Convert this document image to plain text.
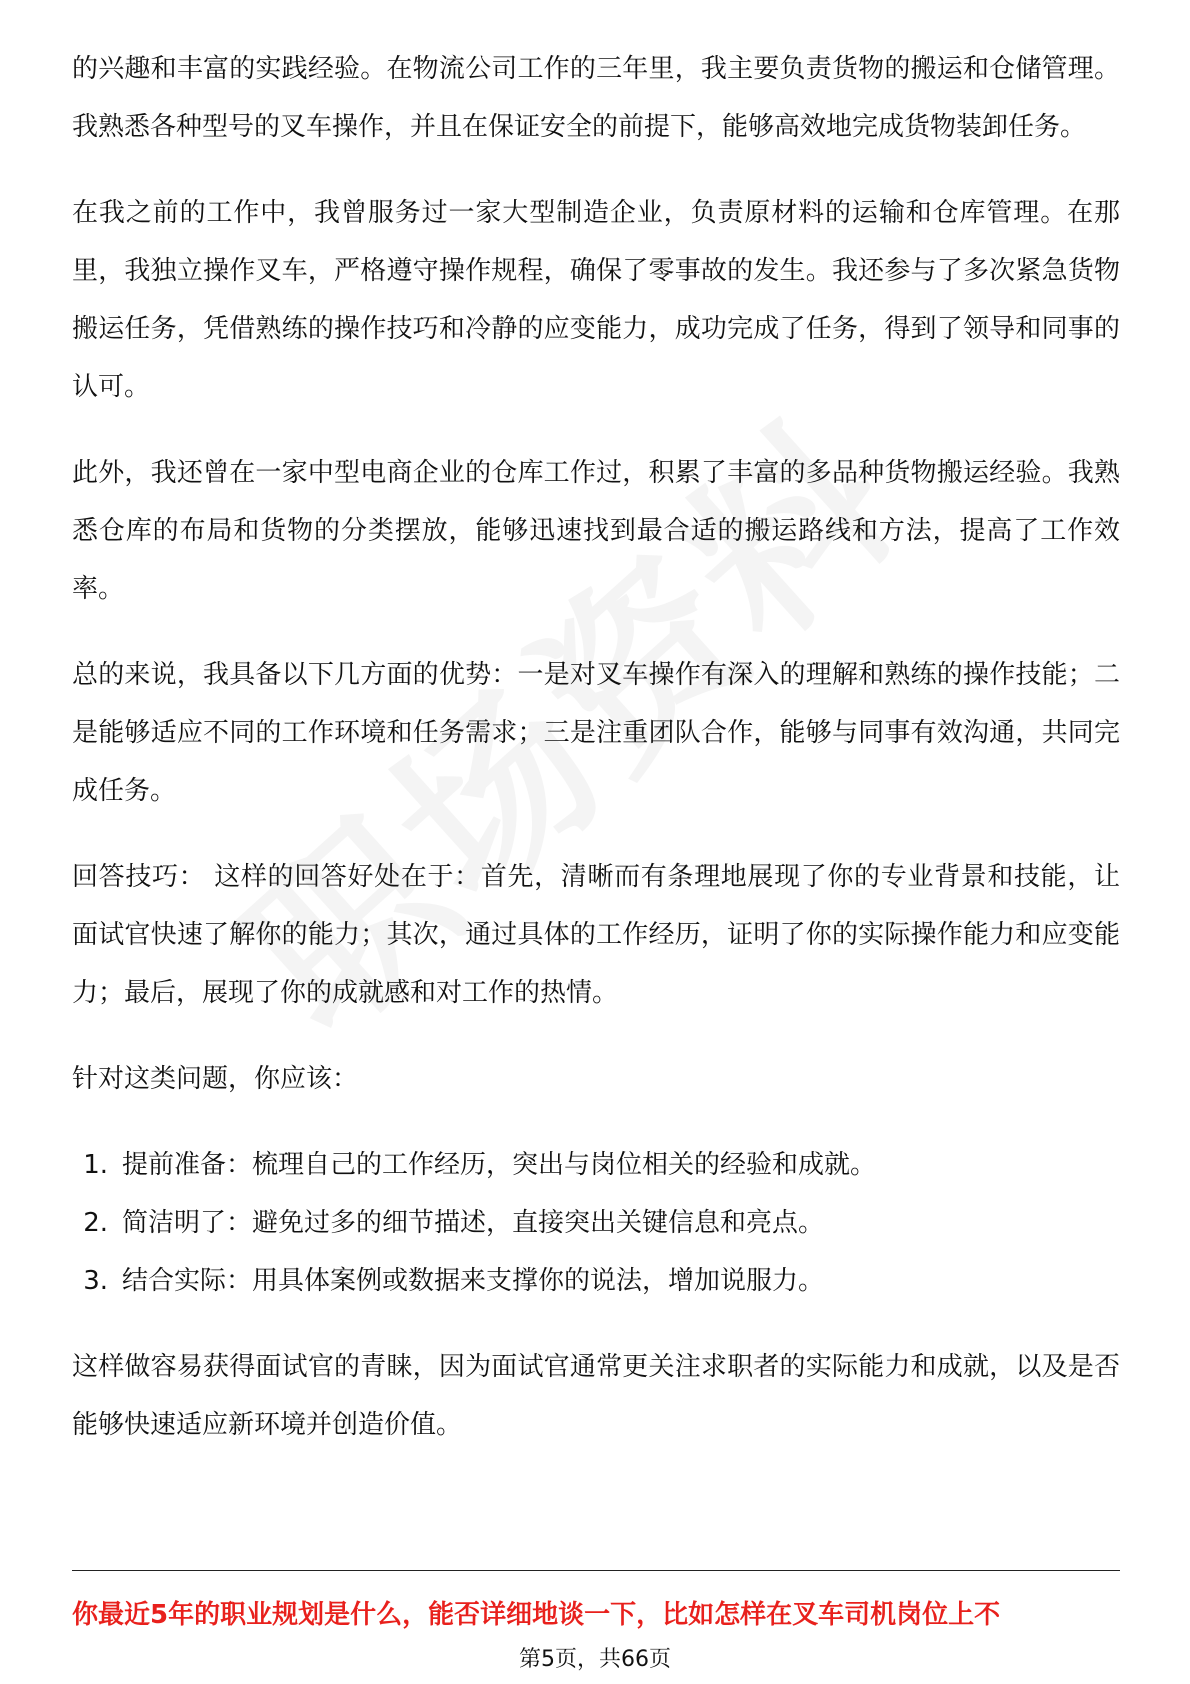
的兴趣和丰富的实践经验。在物流公司工作的三年里，我主要负责货物的搬运和仓储管理。我熟悉各种型号的叉车操作，并且在保证安全的前提下，能够高效地完成货物装卸任务。

在我之前的工作中，我曾服务过一家大型制造企业，负责原材料的运输和仓库管理。在那里，我独立操作叉车，严格遵守操作规程，确保了零事故的发生。我还参与了多次紧急货物搬运任务，凭借熟练的操作技巧和冷静的应变能力，成功完成了任务，得到了领导和同事的认可。

此外，我还曾在一家中型电商企业的仓库工作过，积累了丰富的多品种货物搬运经验。我熟悉仓库的布局和货物的分类摆放，能够迅速找到最合适的搬运路线和方法，提高了工作效率。

总的来说，我具备以下几方面的优势：一是对叉车操作有深入的理解和熟练的操作技能；二是能够适应不同的工作环境和任务需求；三是注重团队合作，能够与同事有效沟通，共同完成任务。

回答技巧： 这样的回答好处在于：首先，清晰而有条理地展现了你的专业背景和技能，让面试官快速了解你的能力；其次，通过具体的工作经历，证明了你的实际操作能力和应变能力；最后，展现了你的成就感和对工作的热情。

针对这类问题，你应该：

1. 提前准备：梳理自己的工作经历，突出与岗位相关的经验和成就。
2. 简洁明了：避免过多的细节描述，直接突出关键信息和亮点。
3. 结合实际：用具体案例或数据来支撑你的说法，增加说服力。

这样做容易获得面试官的青睐，因为面试官通常更关注求职者的实际能力和成就，以及是否能够快速适应新环境并创造价值。

你最近5年的职业规划是什么，能否详细地谈一下，比如怎样在叉车司机岗位上不
第5页，共66页
